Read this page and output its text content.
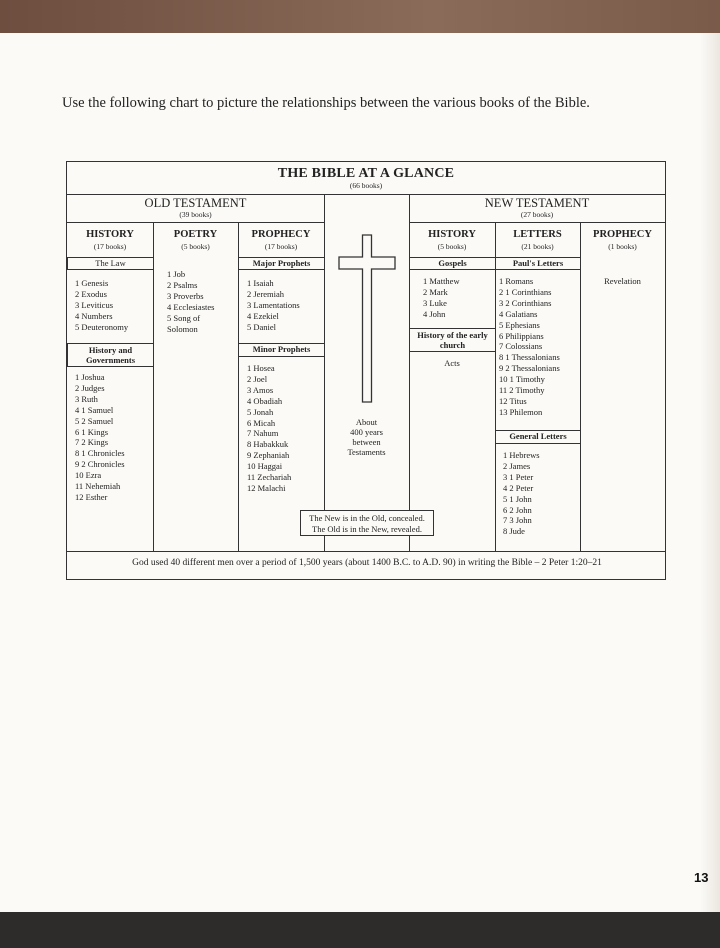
Use the following chart to picture the relationships between the various books of the Bible.
THE BIBLE AT A GLANCE
(66 books)
OLD TESTAMENT
(39 books)
NEW TESTAMENT
(27 books)
HISTORY
(17 books)
POETRY
(5 books)
PROPHECY
(17 books)
HISTORY
(5 books)
LETTERS
(21 books)
PROPHECY
(1 books)
The Law
1 Genesis
2 Exodus
3 Leviticus
4 Numbers
5 Deuteronomy
History and Governments
1 Joshua
2 Judges
3 Ruth
4 1 Samuel
5 2 Samuel
6 1 Kings
7 2 Kings
8 1 Chronicles
9 2 Chronicles
10 Ezra
11 Nehemiah
12 Esther
1 Job
2 Psalms
3 Proverbs
4 Ecclesiastes
5 Song of
Solomon
Major Prophets
1 Isaiah
2 Jeremiah
3 Lamentations
4 Ezekiel
5 Daniel
Minor Prophets
1 Hosea
2 Joel
3 Amos
4 Obadiah
5 Jonah
6 Micah
7 Nahum
8 Habakkuk
9 Zephaniah
10 Haggai
11 Zechariah
12 Malachi
About
400 years
between
Testaments
The New is in the Old, concealed.
The Old is in the New, revealed.
Gospels
1 Matthew
2 Mark
3 Luke
4 John
History of the early church
Acts
Paul's Letters
1 Romans
2 1 Corinthians
3 2 Corinthians
4 Galatians
5 Ephesians
6 Philippians
7 Colossians
8 1 Thessalonians
9 2 Thessalonians
10 1 Timothy
11 2 Timothy
12 Titus
13 Philemon
General Letters
1 Hebrews
2 James
3 1 Peter
4 2 Peter
5 1 John
6 2 John
7 3 John
8 Jude
Revelation
God used 40 different men over a period of 1,500 years (about 1400 B.C. to A.D. 90) in writing the Bible – 2 Peter 1:20–21
13
